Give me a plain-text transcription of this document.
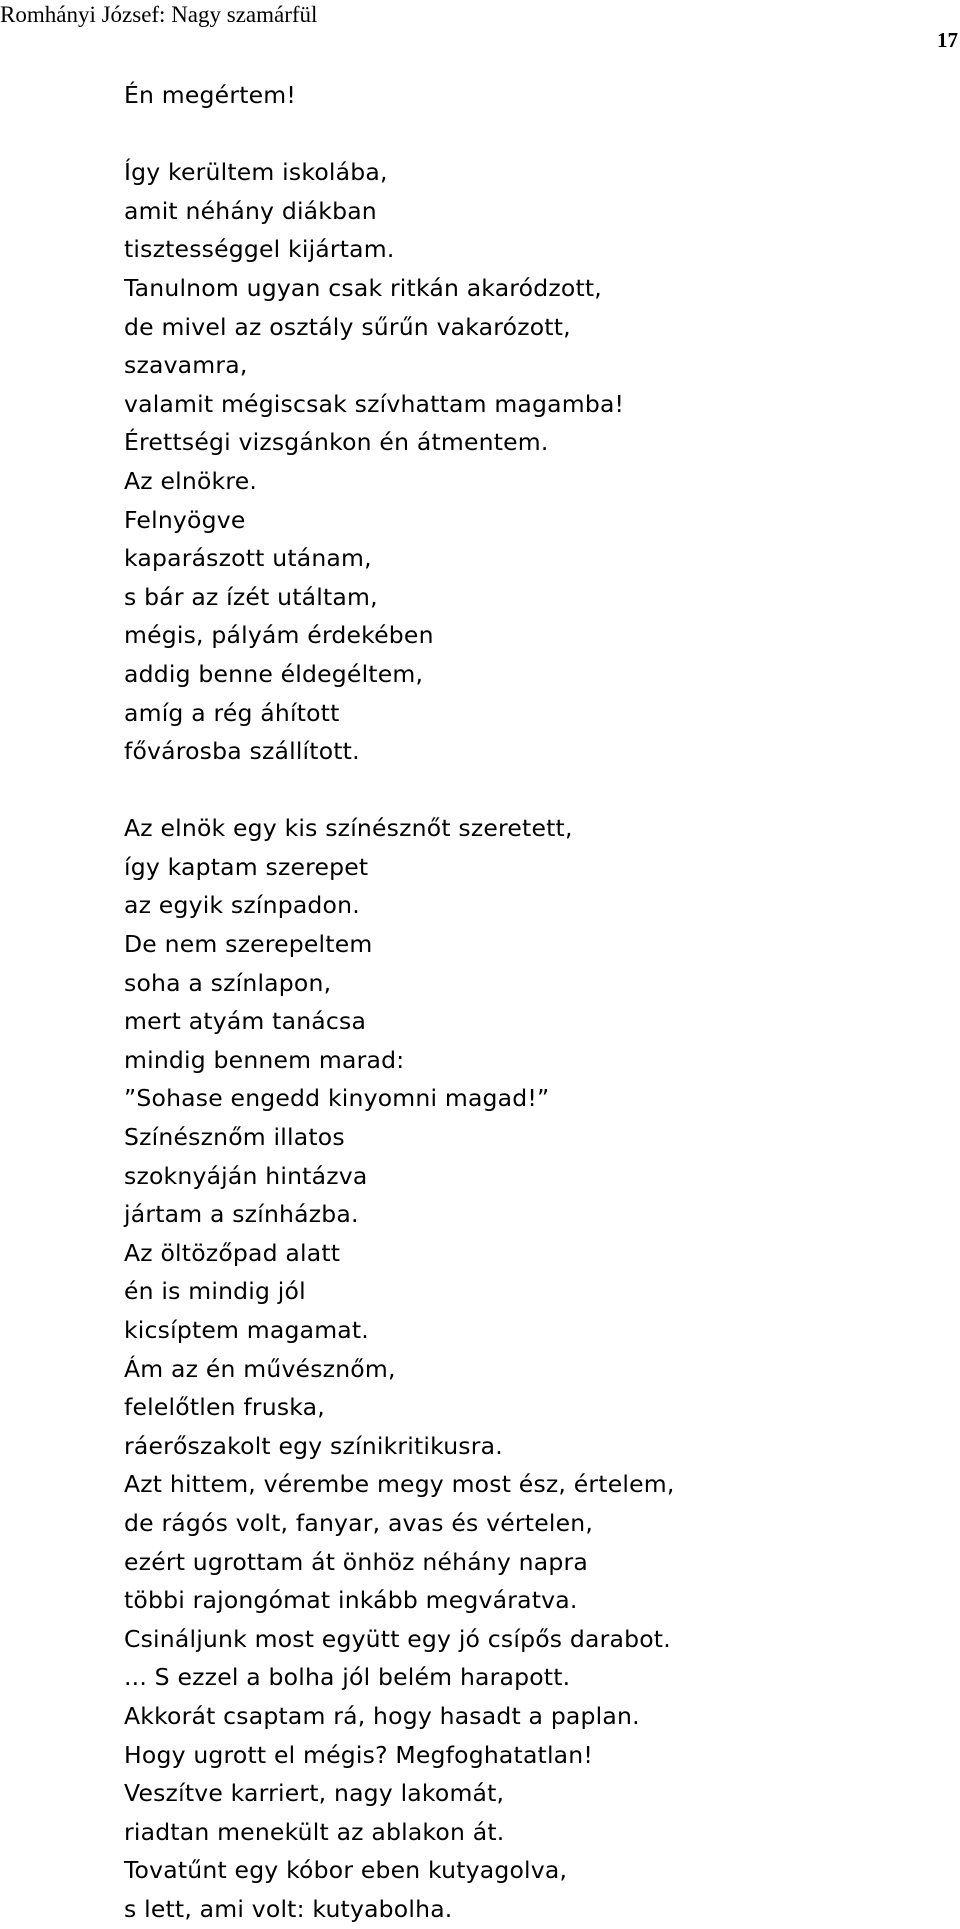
Romhányi József: Nagy szamárfül
17
Én megértem!
Így kerültem iskolába,
amit néhány diákban
tisztességgel kijártam.
Tanulnom ugyan csak ritkán akaródzott,
de mivel az osztály sűrűn vakarózott,
szavamra,
valamit mégiscsak szívhattam magamba!
Érettségi vizsgánkon én átmentem.
Az elnökre.
Felnyögve
kaparászott utánam,
s bár az ízét utáltam,
mégis, pályám érdekében
addig benne éldegéltem,
amíg a rég áhított
fővárosba szállított.
Az elnök egy kis színésznőt szeretett,
így kaptam szerepet
az egyik színpadon.
De nem szerepeltem
soha a színlapon,
mert atyám tanácsa
mindig bennem marad:
”Sohase engedd kinyomni magad!”
Színésznőm illatos
szoknyáján hintázva
jártam a színházba.
Az öltözőpad alatt
én is mindig jól
kicsíptem magamat.
Ám az én művésznőm,
felelőtlen fruska,
ráerőszakolt egy színikritikusra.
Azt hittem, vérembe megy most ész, értelem,
de rágós volt, fanyar, avas és vértelen,
ezért ugrottam át önhöz néhány napra
többi rajongómat inkább megváratva.
Csináljunk most együtt egy jó csípős darabot.
... S ezzel a bolha jól belém harapott.
Akkorát csaptam rá, hogy hasadt a paplan.
Hogy ugrott el mégis? Megfoghatatlan!
Veszítve karriert, nagy lakomát,
riadtan menekült az ablakon át.
Tovatűnt egy kóbor eben kutyagolva,
s lett, ami volt: kutyabolha.
